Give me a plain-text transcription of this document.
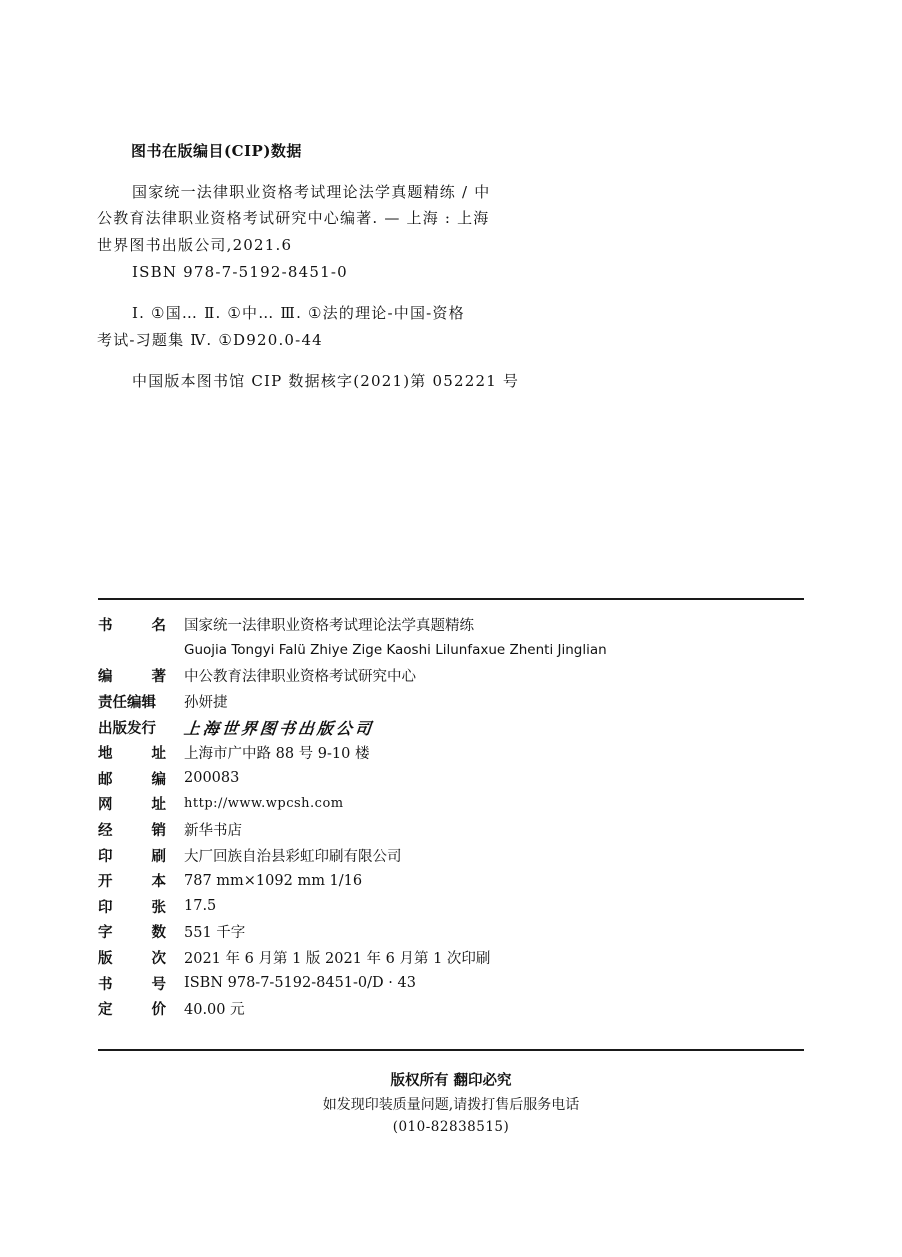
图书在版编目(CIP)数据
国家统一法律职业资格考试理论法学真题精练 / 中
公教育法律职业资格考试研究中心编著. — 上海 : 上海
世界图书出版公司,2021.6
ISBN 978-7-5192-8451-0
Ⅰ. ①国… Ⅱ. ①中… Ⅲ. ①法的理论-中国-资格
考试-习题集 Ⅳ. ①D920.0-44
中国版本图书馆 CIP 数据核字(2021)第 052221 号
书	名 国家统一法律职业资格考试理论法学真题精练
Guojia Tongyi Falü Zhiye Zige Kaoshi Lilunfaxue Zhenti Jinglian
编	著 中公教育法律职业资格考试研究中心
责任编辑 孙妍捷
出版发行 上海世界图书出版公司
地	址 上海市广中路 88 号 9-10 楼
邮	编 200083
网	址 http://www.wpcsh.com
经	销 新华书店
印	刷 大厂回族自治县彩虹印刷有限公司
开	本 787 mm×1092 mm 1/16
印	张 17.5
字	数 551 千字
版	次 2021 年 6 月第 1 版 2021 年 6 月第 1 次印刷
书	号 ISBN 978-7-5192-8451-0/D · 43
定	价 40.00 元
版权所有 翻印必究
如发现印装质量问题,请拨打售后服务电话
(010-82838515)
